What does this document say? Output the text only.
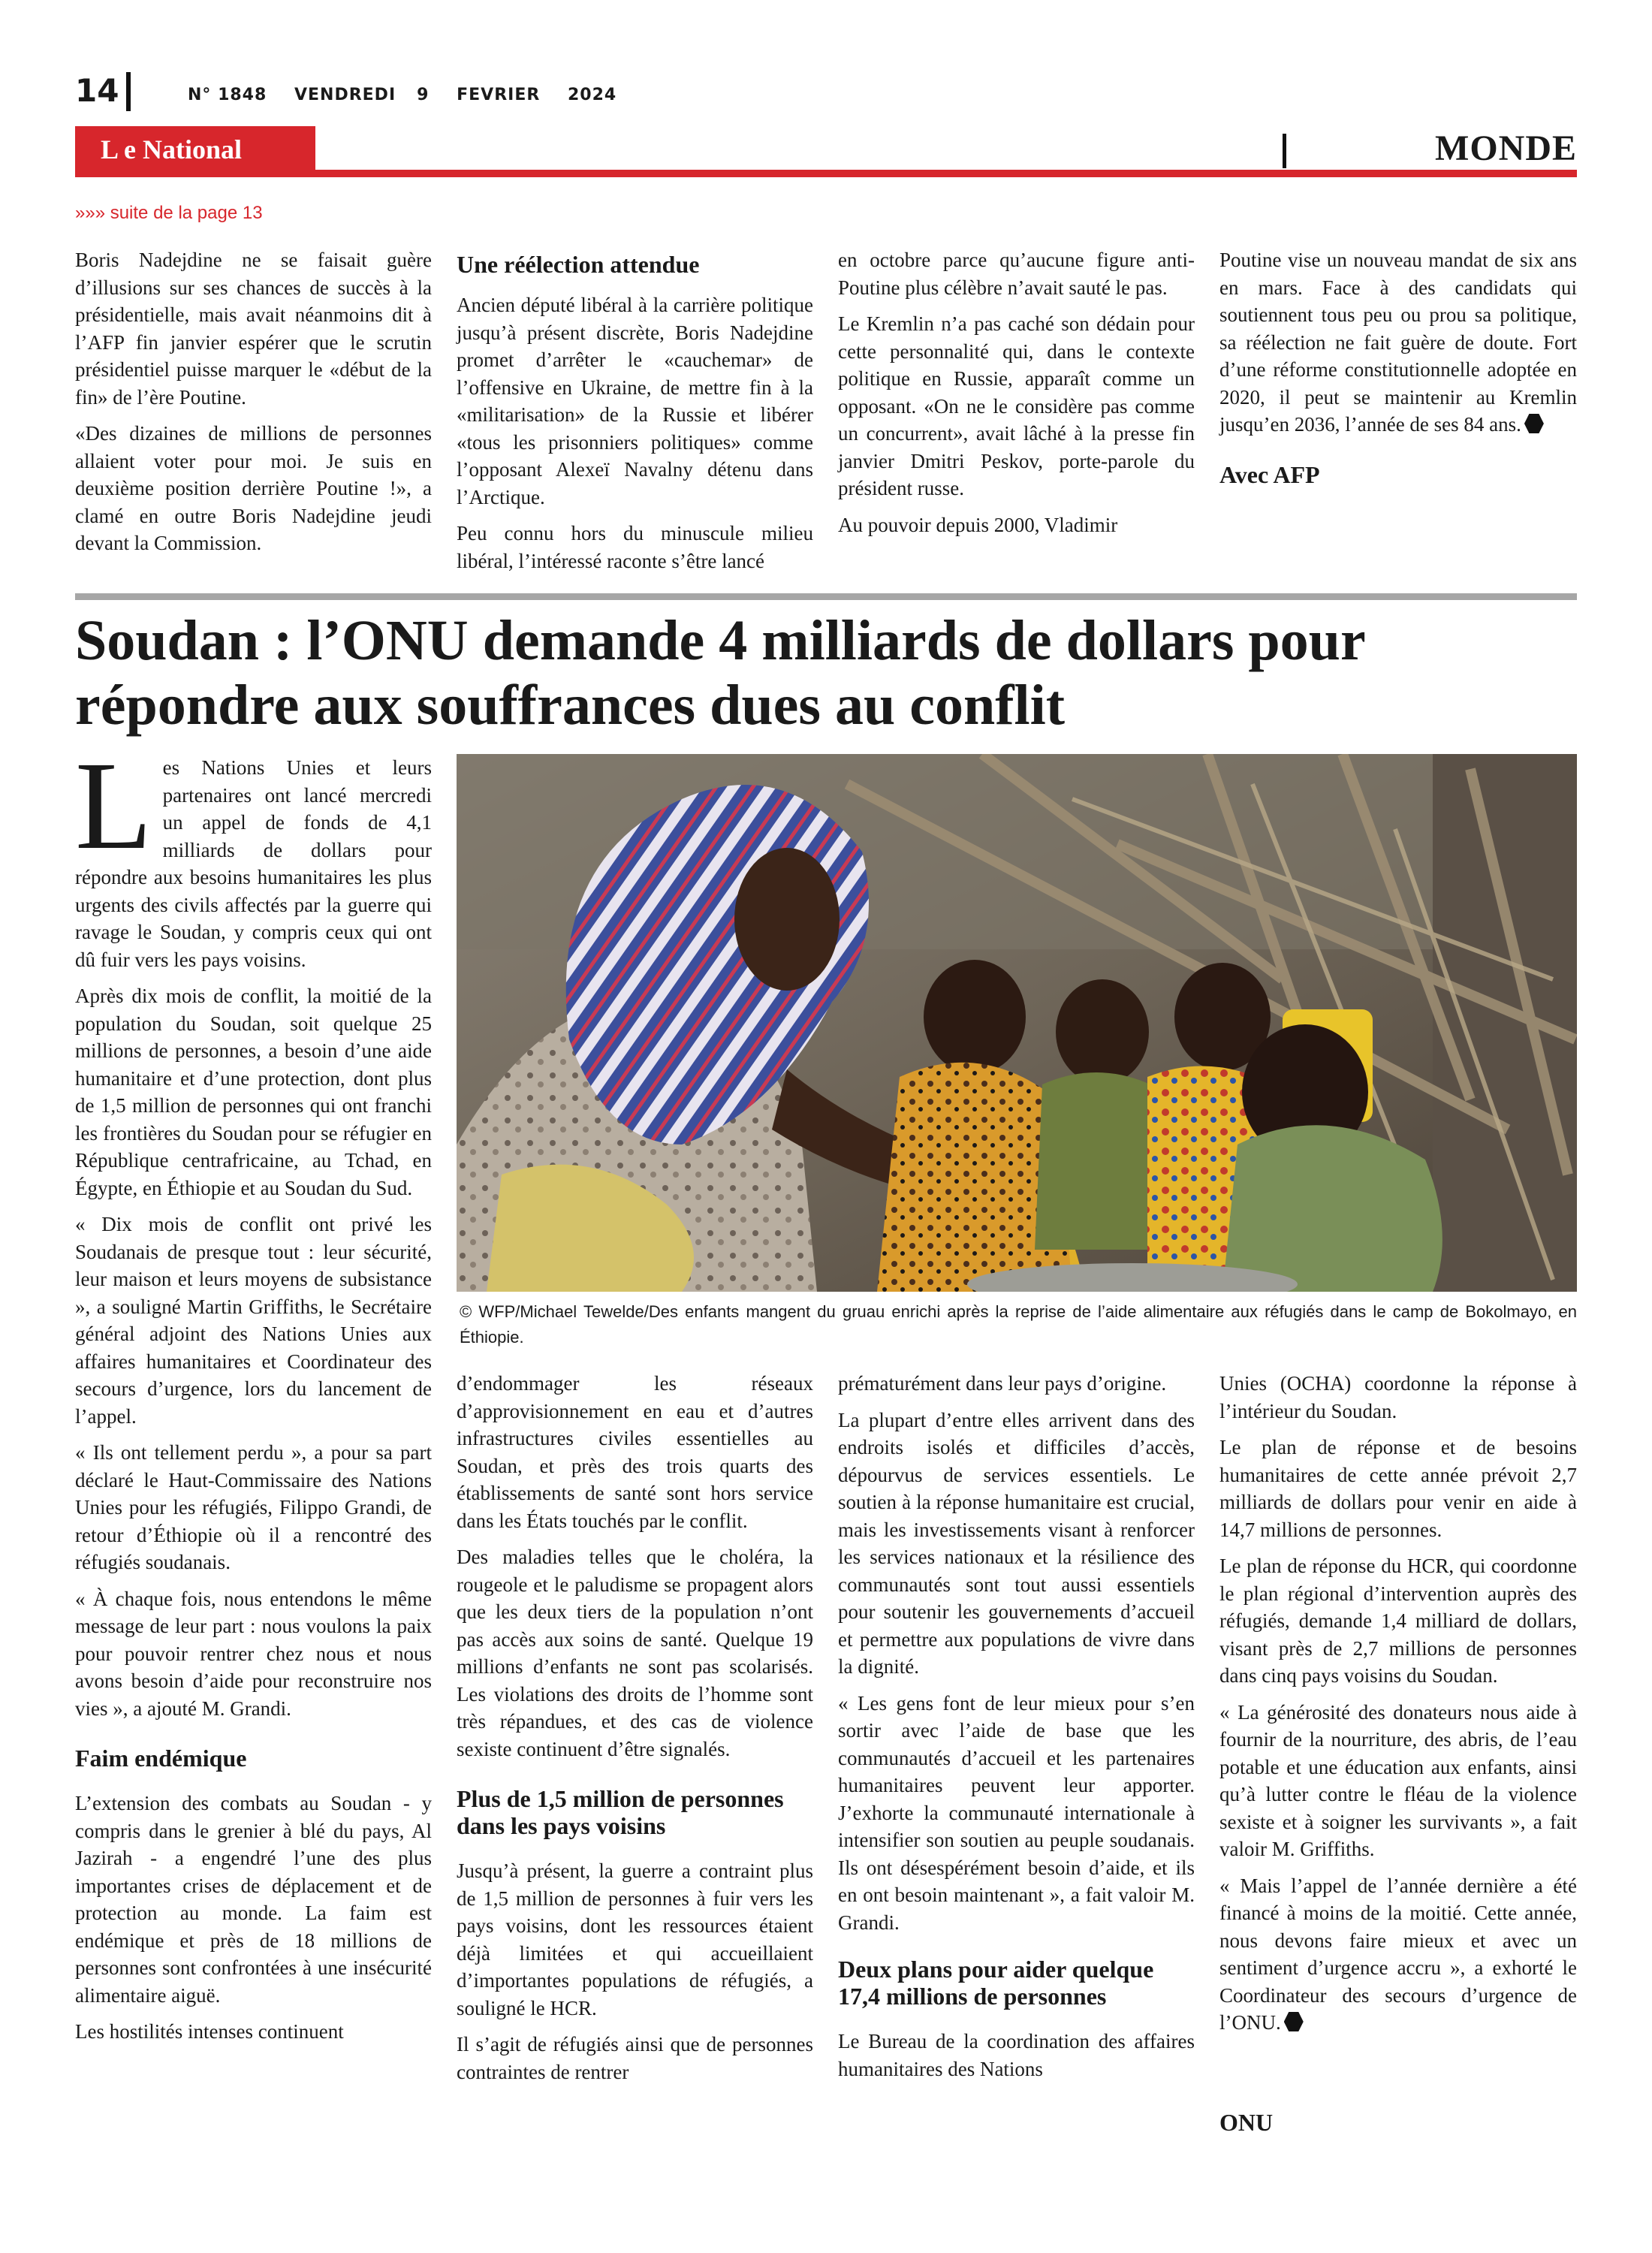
14	N° 1848 VENDREDI 9 FEVRIER 2024
L e National	MONDE
»»» suite de la page 13

Boris Nadejdine ne se faisait guère d’illusions sur ses chances de succès à la présidentielle, mais avait néanmoins dit à l’AFP fin janvier espérer que le scrutin présidentiel puisse marquer le «début de la fin» de l’ère Poutine.

«Des dizaines de millions de personnes allaient voter pour moi. Je suis en deuxième position derrière Poutine !», a clamé en outre Boris Nadejdine jeudi devant la Commission.

Une réélection attendue

Ancien député libéral à la carrière politique jusqu’à présent discrète, Boris Nadejdine promet d’arrêter le «cauchemar» de l’offensive en Ukraine, de mettre fin à la «militarisation» de la Russie et libérer «tous les prisonniers politiques» comme l’opposant Alexeï Navalny détenu dans l’Arctique.

Peu connu hors du minuscule milieu libéral, l’intéressé raconte s’être lancé

en octobre parce qu’aucune figure anti-Poutine plus célèbre n’avait sauté le pas.

Le Kremlin n’a pas caché son dédain pour cette personnalité qui, dans le contexte politique en Russie, apparaît comme un opposant. «On ne le considère pas comme un concurrent», avait lâché à la presse fin janvier Dmitri Peskov, porte-parole du président russe.

Au pouvoir depuis 2000, Vladimir

Poutine vise un nouveau mandat de six ans en mars. Face à des candidats qui soutiennent tous peu ou prou sa politique, sa réélection ne fait guère de doute. Fort d’une réforme constitutionnelle adoptée en 2020, il peut se maintenir au Kremlin jusqu’en 2036, l’année de ses 84 ans.

Avec AFP
Soudan : l’ONU demande 4 milliards de dollars pour répondre aux souffrances dues au conflit
© WFP/Michael Tewelde/Des enfants mangent du gruau enrichi après la reprise de l’aide alimentaire aux réfugiés dans le camp de Bokolmayo, en Éthiopie.

Les Nations Unies et leurs partenaires ont lancé mercredi un appel de fonds de 4,1 milliards de dollars pour répondre aux besoins humanitaires les plus urgents des civils affectés par la guerre qui ravage le Soudan, y compris ceux qui ont dû fuir vers les pays voisins.

Après dix mois de conflit, la moitié de la population du Soudan, soit quelque 25 millions de personnes, a besoin d’une aide humanitaire et d’une protection, dont plus de 1,5 million de personnes qui ont franchi les frontières du Soudan pour se réfugier en République centrafricaine, au Tchad, en Égypte, en Éthiopie et au Soudan du Sud.

« Dix mois de conflit ont privé les Soudanais de presque tout : leur sécurité, leur maison et leurs moyens de subsistance », a souligné Martin Griffiths, le Secrétaire général adjoint des Nations Unies aux affaires humanitaires et Coordinateur des secours d’urgence, lors du lancement de l’appel.

« Ils ont tellement perdu », a pour sa part déclaré le Haut-Commissaire des Nations Unies pour les réfugiés, Filippo Grandi, de retour d’Éthiopie où il a rencontré des réfugiés soudanais.

« À chaque fois, nous entendons le même message de leur part : nous voulons la paix pour pouvoir rentrer chez nous et nous avons besoin d’aide pour reconstruire nos vies », a ajouté M. Grandi.

Faim endémique

L’extension des combats au Soudan - y compris dans le grenier à blé du pays, Al Jazirah - a engendré l’une des plus importantes crises de déplacement et de protection au monde. La faim est endémique et près de 18 millions de personnes sont confrontées à une insécurité alimentaire aiguë.

Les hostilités intenses continuent

d’endommager les réseaux d’approvisionnement en eau et d’autres infrastructures civiles essentielles au Soudan, et près des trois quarts des établissements de santé sont hors service dans les États touchés par le conflit.

Des maladies telles que le choléra, la rougeole et le paludisme se propagent alors que les deux tiers de la population n’ont pas accès aux soins de santé. Quelque 19 millions d’enfants ne sont pas scolarisés. Les violations des droits de l’homme sont très répandues, et des cas de violence sexiste continuent d’être signalés.

Plus de 1,5 million de personnes dans les pays voisins

Jusqu’à présent, la guerre a contraint plus de 1,5 million de personnes à fuir vers les pays voisins, dont les ressources étaient déjà limitées et qui accueillaient d’importantes populations de réfugiés, a souligné le HCR.

Il s’agit de réfugiés ainsi que de personnes contraintes de rentrer

prématurément dans leur pays d’origine.

La plupart d’entre elles arrivent dans des endroits isolés et difficiles d’accès, dépourvus de services essentiels. Le soutien à la réponse humanitaire est crucial, mais les investissements visant à renforcer les services nationaux et la résilience des communautés sont tout aussi essentiels pour soutenir les gouvernements d’accueil et permettre aux populations de vivre dans la dignité.

« Les gens font de leur mieux pour s’en sortir avec l’aide de base que les communautés d’accueil et les partenaires humanitaires peuvent leur apporter. J’exhorte la communauté internationale à intensifier son soutien au peuple soudanais. Ils ont désespérément besoin d’aide, et ils en ont besoin maintenant », a fait valoir M. Grandi.

Deux plans pour aider quelque 17,4 millions de personnes

Le Bureau de la coordination des affaires humanitaires des Nations

Unies (OCHA) coordonne la réponse à l’intérieur du Soudan.

Le plan de réponse et de besoins humanitaires de cette année prévoit 2,7 milliards de dollars pour venir en aide à 14,7 millions de personnes.

Le plan de réponse du HCR, qui coordonne le plan régional d’intervention auprès des réfugiés, demande 1,4 milliard de dollars, visant près de 2,7 millions de personnes dans cinq pays voisins du Soudan.

« La générosité des donateurs nous aide à fournir de la nourriture, des abris, de l’eau potable et une éducation aux enfants, ainsi qu’à lutter contre le fléau de la violence sexiste et à soigner les survivants », a fait valoir M. Griffiths.

« Mais l’appel de l’année dernière a été financé à moins de la moitié. Cette année, nous devons faire mieux et avec un sentiment d’urgence accru », a exhorté le Coordinateur des secours d’urgence de l’ONU.

ONU
